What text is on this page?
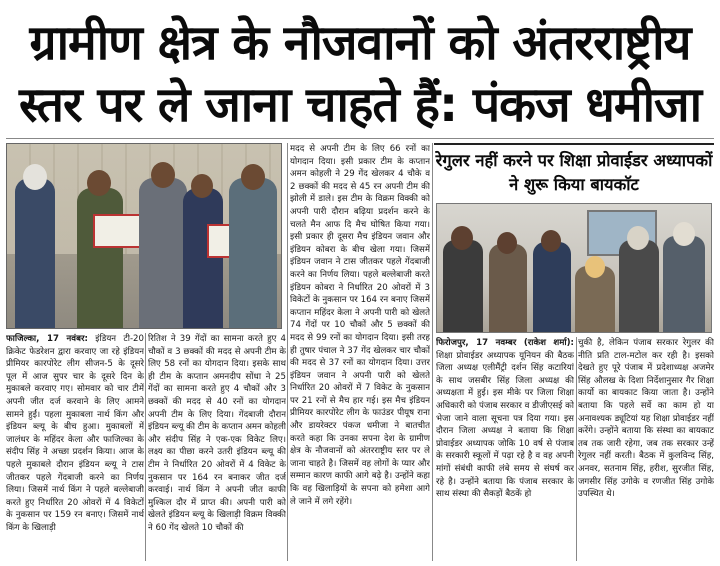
ग्रामीण क्षेत्र के नौजवानों को अंतरराष्ट्रीय
स्तर पर ले जाना चाहते हैं: पंकज धमीजा
रेगुलर नहीं करने पर शिक्षा प्रोवाईडर अध्यापकों ने शुरू किया बायकाॅट
फाजिल्का, 17 नवंबर: इंडियन टी-20 क्रिकेट फेडरेशन द्वारा करवाए जा रहे इंडियन प्रीमियर कारपोरेट लीग सीजन-5 के दूसरे पूल में आज सुपर चार के दूसरे दिन के मुकाबले करवाए गए। सोमवार को चार टीमें अपनी जीत दर्ज करवाने के लिए आमने सामने हुईं। पहला मुकाबला नार्थ किंग और इंडियन ब्ल्यू के बीच हुआ। मुकाबलों में जालंधर के महिंदर केला और फाजिल्का के संदीप सिंह ने अच्छा प्रदर्शन किया। आज के पहले मुकाबले दौरान इंडियन ब्ल्यू ने टास जीतकर पहले गेंदबाजी करने का निर्णय लिया। जिसमें नार्थ किंग ने पहले बल्लेबाजी करते हुए निर्धारित 20 ओवरों में 4 विकेटों के नुकसान पर 159 रन बनाए। जिसमें नार्थ किंग के खिलाड़ी
रितिश ने 39 गेंदों का सामना करते हुए 4 चौकों व 3 छक्कों की मदद से अपनी टीम के लिए 58 रनों का योगदान दिया। इसके साथ ही टीम के कप्तान अमनदीप सोंधा ने 25 गेंदों का सामना करते हुए 4 चौकों और 3 छक्कों की मदद से 40 रनों का योगदान अपनी टीम के लिए दिया। गेंदबाजी दौरान इंडियन ब्ल्यू की टीम के कप्तान अमन कोहली और संदीप सिंह ने एक-एक विकेट लिए। लक्ष्य का पीछा करने उतरी इंडियन ब्ल्यू की टीम ने निर्धारित 20 ओवरों में 4 विकेट के नुकसान पर 164 रन बनाकर जीत दर्ज करवाई। नार्थ किंग ने अपनी जीत काफी मुश्किल दौर में प्राप्त की। अपनी पारी को खेलते इंडियन ब्ल्यू के खिलाड़ी विक्रम विक्की ने 60 गेंद खेलते 10 चौकों की
मदद से अपनी टीम के लिए 66 रनों का योगदान दिया। इसी प्रकार टीम के कप्तान अमन कोहली ने 29 गेंद खेलकर 4 चौके व 2 छक्कों की मदद से 45 रन अपनी टीम की झोली में डाले। इस टीम के विक्रम विक्की को अपनी पारी दौरान बढ़िया प्रदर्शन करने के चलते मैन आफ दि मैच घोषित किया गया। इसी प्रकार ही दूसरा मैच इंडियन जवान और इंडियन कोबरा के बीच खेला गया। जिसमें इंडियन जवान ने टास जीतकर पहले गेंदबाजी करने का निर्णय लिया। पहले बल्लेबाजी करते इंडियन कोबरा ने निर्धारित 20 ओवरों में 3 विकेटों के नुकसान पर 164 रन बनाए जिसमें कप्तान महिंदर केला ने अपनी पारी को खेलते 74 गेंदों पर 10 चौकों और 5 छक्कों की मदद से 99 रनों का योगदान दिया। इसी तरह ही तुषार पंचाल ने 37 गेंद खेलकर चार चौकों की मदद से 37 रनों का योगदान दिया। उत्तर इंडियन जवान ने अपनी पारी को खेलते निर्धारित 20 ओवरों में 7 विकेट के नुकसान पर 21 रनों से मैच हार गई। इस मैच इंडियन प्रीमियर कारपोरेट लीग के फाउंडर पीयूष राना और डायरेक्टर पंकज धमीजा ने बातचीत करते कहा कि उनका सपना देश के ग्रामीण क्षेत्र के नौजवानों को अंतरराष्ट्रीय स्तर पर ले जाना चाहते है। जिसमें वह लोगों के प्यार और सम्मान कारण काफी आगे बढ़े है। उन्होंने कहा कि वह खिलाड़ियों के सपना को हमेशा आगे ले जाने में लगे रहेंगे।
फिरोजपुर, 17 नवम्बर (राकेश शर्मा): शिक्षा प्रोवाईडर अध्यापक यूनियन की बैठक जिला अध्यक्ष एलीमैंट्री दर्शन सिंह कटारियां के साथ जसबीर सिंह जिला अध्यक्ष की अध्यक्षता में हुई। इस मीके पर जिला शिक्षा अधिकारी को पंजाब सरकार व डीजीएसई को भेजा जाने वाला सूचना पत्र दिया गया। इस दौरान जिला अध्यक्ष ने बताया कि शिक्षा प्रोवाईडर अध्यापक जोकि 10 वर्ष से पंजाब के सरकारी स्कूलों में पढ़ा रहे है व वह अपनी मांगों संबंधी काफी लंबे समय से संघर्ष कर रहे है। उन्होंने बताया कि पंजाब सरकार के साथ संस्था की सैकड़ों बैठकें हो
चुकी है, लेकिन पंजाब सरकार रेगुलर की नीति प्रति टाल-मटोल कर रही है। इसको देखते हुए पूरे पंजाब में प्रदेशाध्यक्ष अजमेर सिंह औलख के दिशा निर्देशानुसार गैर शिक्षा कार्यो का बायकाट किया जाता है। उन्होंने बताया कि पहले सर्वे का काम हो या अनावश्यक ड्यूटियां यह शिक्षा प्रोवाईडर नहीं करेंगे। उन्होंने बताया कि संस्था का बायकाट तब तक जारी रहेगा, जब तक सरकार उन्हें रेगुलर नहीं करती। बैठक में कुलविन्द सिंह, अनवर, सतनाम सिंह, हरीश, सुरजीत सिंह, जगसीर सिंह उगोके व रणजीत सिंह उगोके उपस्थित थे।
